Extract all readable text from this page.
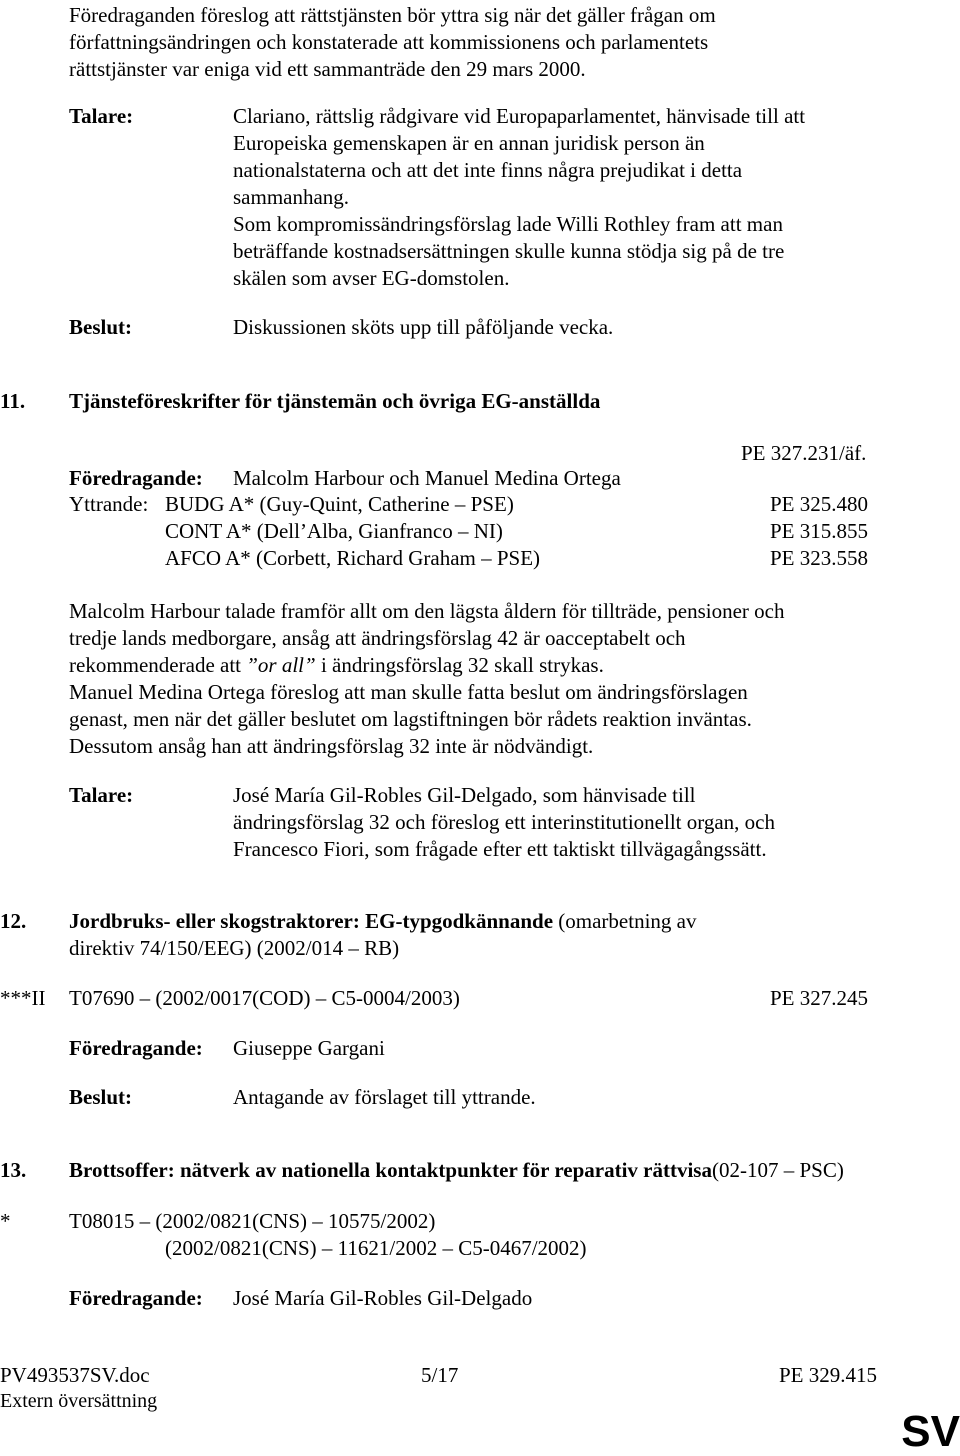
Föredraganden föreslog att rättstjänsten bör yttra sig när det gäller frågan om
författningsändringen och konstaterade att kommissionens och parlamentets
rättstjänster var eniga vid ett sammanträde den 29 mars 2000.
Talare:	Clariano, rättslig rådgivare vid Europaparlamentet, hänvisade till att
Europeiska gemenskapen är en annan juridisk person än
nationalstaterna och att det inte finns några prejudikat i detta
sammanhang.
Som kompromissändringsförslag lade Willi Rothley fram att man
beträffande kostnadsersättningen skulle kunna stödja sig på de tre
skälen som avser EG-domstolen.
Beslut:	Diskussionen sköts upp till påföljande vecka.
11. Tjänsteföreskrifter för tjänstemän och övriga EG-anställda
PE 327.231/äf.
Föredragande: Malcolm Harbour och Manuel Medina Ortega
Yttrande: BUDG A* (Guy-Quint, Catherine – PSE)	PE 325.480
CONT A* (Dell’Alba, Gianfranco – NI)	PE 315.855
AFCO A* (Corbett, Richard Graham – PSE)	PE 323.558
Malcolm Harbour talade framför allt om den lägsta åldern för tillträde, pensioner och
tredje lands medborgare, ansåg att ändringsförslag 42 är oacceptabelt och
rekommenderade att ”or all” i ändringsförslag 32 skall strykas.
Manuel Medina Ortega föreslog att man skulle fatta beslut om ändringsförslagen
genast, men när det gäller beslutet om lagstiftningen bör rådets reaktion inväntas.
Dessutom ansåg han att ändringsförslag 32 inte är nödvändigt.
Talare:	José María Gil-Robles Gil-Delgado, som hänvisade till
ändringsförslag 32 och föreslog ett interinstitutionellt organ, och
Francesco Fiori, som frågade efter ett taktiskt tillvägagångssätt.
12. Jordbruks- eller skogstraktorer: EG-typgodkännande (omarbetning av
direktiv 74/150/EEG) (2002/014 – RB)
***II T07690 – (2002/0017(COD) – C5-0004/2003)	PE 327.245
Föredragande: Giuseppe Gargani
Beslut:	Antagande av förslaget till yttrande.
13. Brottsoffer: nätverk av nationella kontaktpunkter för reparativ rättvisa(02-107 – PSC)
*	T08015 – (2002/0821(CNS) – 10575/2002)
(2002/0821(CNS) – 11621/2002 – C5-0467/2002)
Föredragande: José María Gil-Robles Gil-Delgado
PV493537SV.doc	5/17	PE 329.415
Extern översättning
SV
